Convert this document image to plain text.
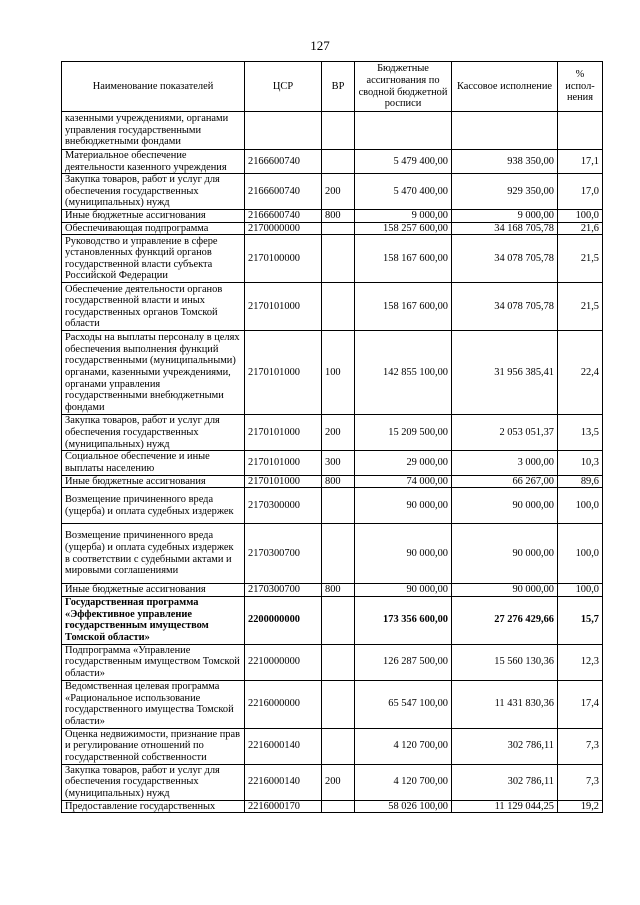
127
Наименование показателей	ЦСР	ВР	Бюджетные ассигнования по сводной бюджетной росписи	Кассовое исполнение	% испол-нения
казенными учреждениями, органами управления государственными внебюджетными фондами					
Материальное обеспечение деятельности казенного учреждения	2166600740		5 479 400,00	938 350,00	17,1
Закупка товаров, работ и услуг для обеспечения государственных (муниципальных) нужд	2166600740	200	5 470 400,00	929 350,00	17,0
Иные бюджетные ассигнования	2166600740	800	9 000,00	9 000,00	100,0
Обеспечивающая подпрограмма	2170000000		158 257 600,00	34 168 705,78	21,6
Руководство и управление в сфере установленных функций органов государственной власти субъекта Российской Федерации	2170100000		158 167 600,00	34 078 705,78	21,5
Обеспечение деятельности органов государственной власти и иных государственных органов Томской области	2170101000		158 167 600,00	34 078 705,78	21,5
Расходы на выплаты персоналу в целях обеспечения выполнения функций государственными (муниципальными) органами, казенными учреждениями, органами управления государственными внебюджетными фондами	2170101000	100	142 855 100,00	31 956 385,41	22,4
Закупка товаров, работ и услуг для обеспечения государственных (муниципальных) нужд	2170101000	200	15 209 500,00	2 053 051,37	13,5
Социальное обеспечение и иные выплаты населению	2170101000	300	29 000,00	3 000,00	10,3
Иные бюджетные ассигнования	2170101000	800	74 000,00	66 267,00	89,6
Возмещение причиненного вреда (ущерба) и оплата судебных издержек	2170300000		90 000,00	90 000,00	100,0
Возмещение причиненного вреда (ущерба) и оплата судебных издержек в соответствии с судебными актами и мировыми соглашениями	2170300700		90 000,00	90 000,00	100,0
Иные бюджетные ассигнования	2170300700	800	90 000,00	90 000,00	100,0
Государственная программа «Эффективное управление государственным имуществом Томской области»	2200000000		173 356 600,00	27 276 429,66	15,7
Подпрограмма «Управление государственным имуществом Томской области»	2210000000		126 287 500,00	15 560 130,36	12,3
Ведомственная целевая программа «Рациональное использование государственного имущества Томской области»	2216000000		65 547 100,00	11 431 830,36	17,4
Оценка недвижимости, признание прав и регулирование отношений по государственной собственности	2216000140		4 120 700,00	302 786,11	7,3
Закупка товаров, работ и услуг для обеспечения государственных (муниципальных) нужд	2216000140	200	4 120 700,00	302 786,11	7,3
Предоставление государственных	2216000170		58 026 100,00	11 129 044,25	19,2
